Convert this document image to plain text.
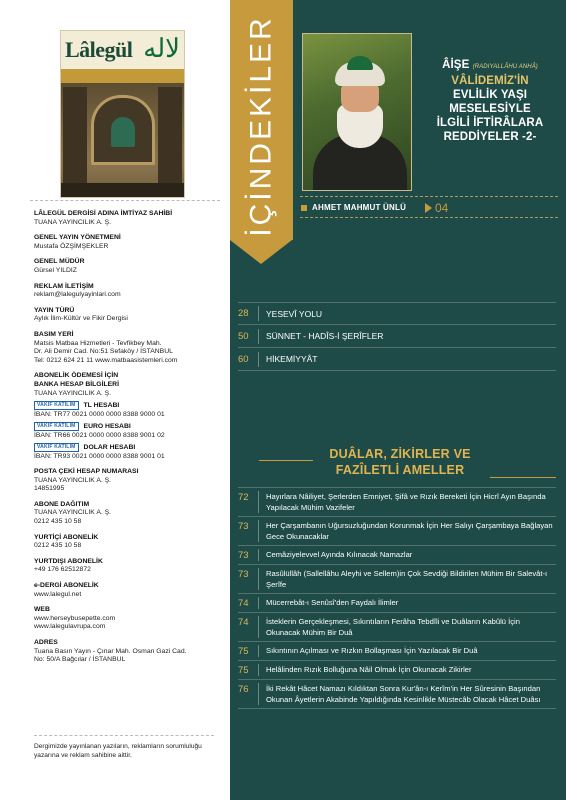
Lâlegül لاله
LÂLEGÜL DERGİSİ ADINA İMTİYAZ SAHİBİ
TUANA YAYINCILIK A. Ş.
GENEL YAYIN YÖNETMENİ
Mustafa ÖZŞİMŞEKLER
GENEL MÜDÜR
Gürsel YILDIZ
REKLAM İLETİŞİM
reklam@lalegulyayinlari.com
YAYIN TÜRÜ
Aylık İlim-Kültür ve Fikir Dergisi
BASIM YERİ
Matsis Matbaa Hizmetleri - Tevfikbey Mah.
Dr. Ali Demir Cad. No:51 Sefaköy / İSTANBUL
Tel: 0212 624 21 11 www.matbaasistemleri.com
ABONELİK ÖDEMESİ İÇİN
BANKA HESAP BİLGİLERİ
TUANA YAYINCILIK A. Ş.
VAKIF KATILIM	TL HESABI
İBAN: TR77 0021 0000 0000 8388 9000 01
VAKIF KATILIM	EURO HESABI
İBAN: TR66 0021 0000 0000 8388 9001 02
VAKIF KATILIM	DOLAR HESABI
İBAN: TR93 0021 0000 0000 8388 9001 01
POSTA ÇEKİ HESAP NUMARASI
TUANA YAYINCILIK A. Ş.
14851995
ABONE DAĞITIM
TUANA YAYINCILIK A. Ş.
0212 435 10 58
YURTİÇİ ABONELİK
0212 435 10 58
YURTDIŞI ABONELİK
+49 176 62512872
e-DERGİ ABONELİK
www.lalegul.net
WEB
www.herseybusepette.com
www.lalegulavrupa.com
ADRES
Tuana Basın Yayın - Çınar Mah. Osman Gazi Cad.
No: 50/A Bağcılar / İSTANBUL
Dergimizde yayınlanan yazıların, reklamların sorumluluğu yazarına ve reklam sahibine aittir.
İÇİNDEKİLER	ÂİŞE (RADIYALLÂHU ANHÂ) VÂLİDEMİZ'İN
EVLİLİK YAŞI
MESELESİYLE
İLGİLİ İFTİRÂLARA
REDDİYELER -2-
AHMET MAHMUT ÜNLÜ 04
28	YESEVÎ YOLU
50	SÜNNET - HADÎS-İ ŞERÎFLER
60	HİKEMİYYÂT
DUÂLAR, ZİKİRLER VE
FAZÎLETLİ AMELLER
72	Hayırlara Nâiliyet, Şerlerden Emniyet, Şifâ ve Rızık Bereketi İçin Hicrî Ayın Başında Yapılacak Mühim Vazifeler
73	Her Çarşambanın Uğursuzluğundan Korunmak İçin Her Salıyı Çarşambaya Bağlayan Gece Okunacaklar
73	Cemâziyelevvel Ayında Kılınacak Namazlar
73	Rasûlüllâh (Sallellâhu Aleyhi ve Sellem)in Çok Sevdiği Bildirilen Mühim Bir Salevât-ı Şerîfe
74	Mücerrebât-ı Senûsî'den Faydalı İlimler
74	İsteklerin Gerçekleşmesi, Sıkıntıların Ferâha Tebdîli ve Duâların Kabûlü İçin Okunacak Mühim Bir Duâ
75	Sıkıntının Açılması ve Rızkın Bollaşması İçin Yazılacak Bir Duâ
75	Helâlinden Rızık Bolluğuna Nâil Olmak İçin Okunacak Zikirler
76	İki Rekât Hâcet Namazı Kıldıktan Sonra Kur'ân-ı Kerîm'in Her Sûresinin Başından Okunan Âyetlerin Akabinde Yapıldığında Kesinlikle Müstecâb Olacak Hâcet Duâsı
